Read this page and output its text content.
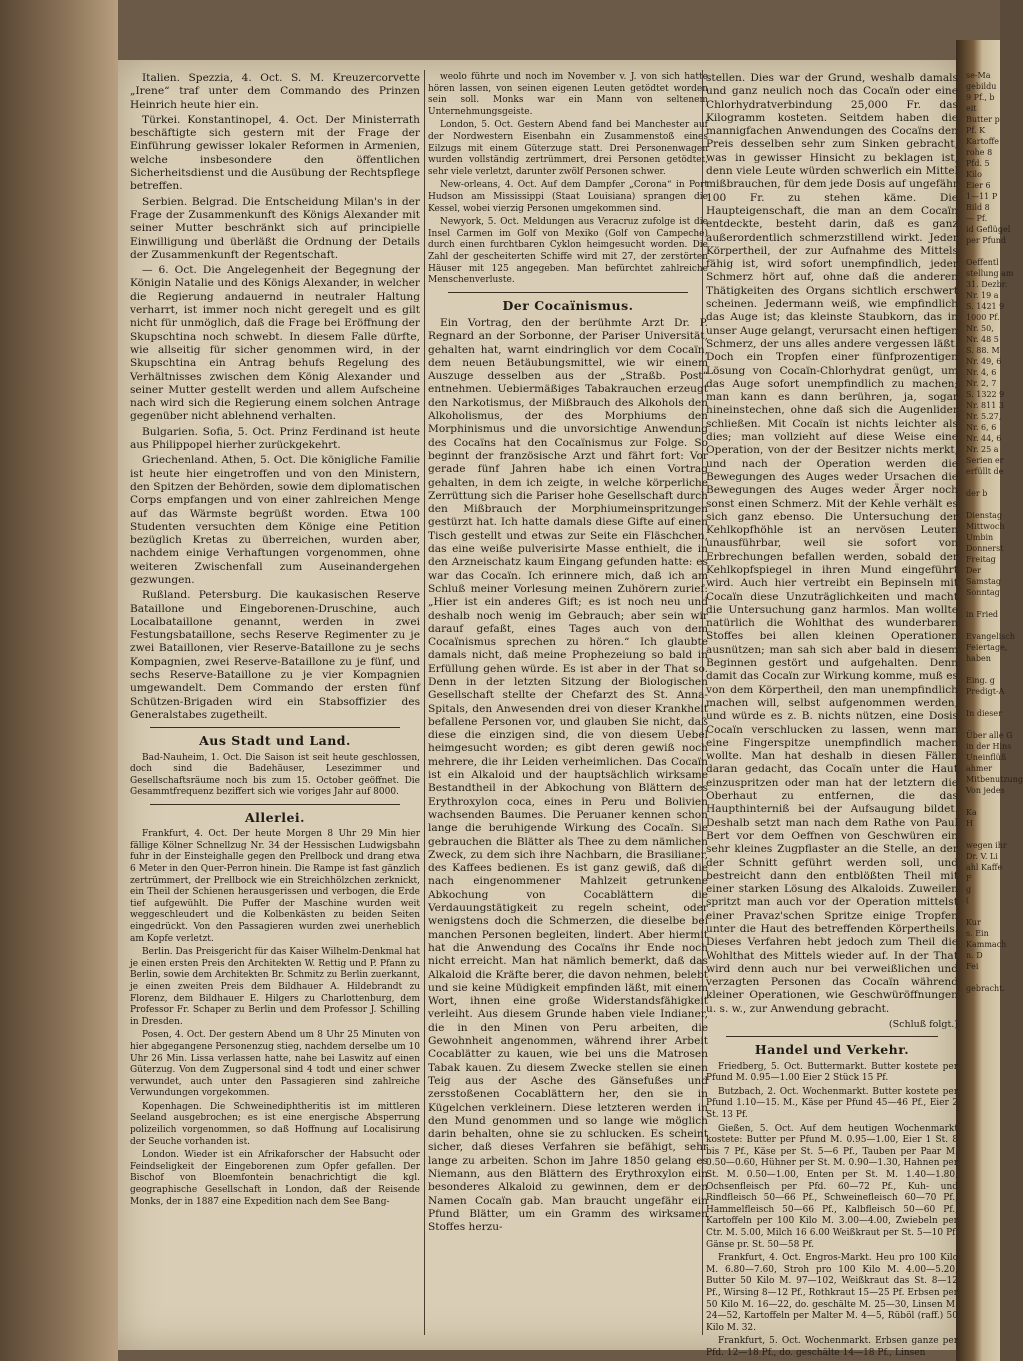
Italien. Spezzia, 4. Oct. S. M. Kreuzercorvette „Irene“ traf unter dem Commando des Prinzen Heinrich heute hier ein.

Türkei. Konstantinopel, 4. Oct. Der Ministerrath beschäftigte sich gestern mit der Frage der Einführung gewisser lokaler Reformen in Armenien, welche insbesondere den öffentlichen Sicherheitsdienst und die Ausübung der Rechtspflege betreffen.

Serbien. Belgrad. Die Entscheidung Milan's in der Frage der Zusammenkunft des Königs Alexander mit seiner Mutter beschränkt sich auf principielle Einwilligung und überläßt die Ordnung der Details der Zusammenkunft der Regentschaft.

— 6. Oct. Die Angelegenheit der Begegnung der Königin Natalie und des Königs Alexander, in welcher die Regierung andauernd in neutraler Haltung verharrt, ist immer noch nicht geregelt und es gilt nicht für unmöglich, daß die Frage bei Eröffnung der Skupschtina noch schwebt. In diesem Falle dürfte, wie allseitig für sicher genommen wird, in der Skupschtina ein Antrag behufs Regelung des Verhältnisses zwischen dem König Alexander und seiner Mutter gestellt werden und allem Aufscheine nach wird sich die Regierung einem solchen Antrage gegenüber nicht ablehnend verhalten.

Bulgarien. Sofia, 5. Oct. Prinz Ferdinand ist heute aus Philippopel hierher zurückgekehrt.

Griechenland. Athen, 5. Oct. Die königliche Familie ist heute hier eingetroffen und von den Ministern, den Spitzen der Behörden, sowie dem diplomatischen Corps empfangen und von einer zahlreichen Menge auf das Wärmste begrüßt worden. Etwa 100 Studenten versuchten dem Könige eine Petition bezüglich Kretas zu überreichen, wurden aber, nachdem einige Verhaftungen vorgenommen, ohne weiteren Zwischenfall zum Auseinandergehen gezwungen.

Rußland. Petersburg. Die kaukasischen Reserve Bataillone und Eingeborenen-Druschine, auch Localbataillone genannt, werden in zwei Festungsbataillone, sechs Reserve Regimenter zu je zwei Bataillonen, vier Reserve-Bataillone zu je sechs Kompagnien, zwei Reserve-Bataillone zu je fünf, und sechs Reserve-Bataillone zu je vier Kompagnien umgewandelt. Dem Commando der ersten fünf Schützen-Brigaden wird ein Stabsoffizier des Generalstabes zugetheilt.

Aus Stadt und Land.

Bad-Nauheim, 1. Oct. Die Saison ist seit heute geschlossen, doch sind die Badehäuser, Lesezimmer und Gesellschaftsräume noch bis zum 15. October geöffnet. Die Gesammtfrequenz beziffert sich wie voriges Jahr auf 8000.

Allerlei.

Frankfurt, 4. Oct. Der heute Morgen 8 Uhr 29 Min hier fällige Kölner Schnellzug Nr. 34 der Hessischen Ludwigsbahn fuhr in der Einsteighalle gegen den Prellbock und drang etwa 6 Meter in den Quer-Perron hinein. Die Rampe ist fast gänzlich zertrümmert, der Prellbock wie ein Streichhölzchen zerknickt, ein Theil der Schienen herausgerissen und verbogen, die Erde tief aufgewühlt. Die Puffer der Maschine wurden weit weggeschleudert und die Kolbenkästen zu beiden Seiten eingedrückt. Von den Passagieren wurden zwei unerheblich am Kopfe verletzt.

Berlin. Das Preisgericht für das Kaiser Wilhelm-Denkmal hat je einen ersten Preis den Architekten W. Rettig und P. Pfann zu Berlin, sowie dem Architekten Br. Schmitz zu Berlin zuerkannt, je einen zweiten Preis dem Bildhauer A. Hildebrandt zu Florenz, dem Bildhauer E. Hilgers zu Charlottenburg, dem Professor Fr. Schaper zu Berlin und dem Professor J. Schilling in Dresden.

Posen, 4. Oct. Der gestern Abend um 8 Uhr 25 Minuten von hier abgegangene Personenzug stieg, nachdem derselbe um 10 Uhr 26 Min. Lissa verlassen hatte, nahe bei Laswitz auf einen Güterzug. Von dem Zugpersonal sind 4 todt und einer schwer verwundet, auch unter den Passagieren sind zahlreiche Verwundungen vorgekommen.

Kopenhagen. Die Schweinediphtheritis ist im mittleren Seeland ausgebrochen; es ist eine energische Absperrung polizeilich vorgenommen, so daß Hoffnung auf Localisirung der Seuche vorhanden ist.

London. Wieder ist ein Afrikaforscher der Habsucht oder Feindseligkeit der Eingeborenen zum Opfer gefallen. Der Bischof von Bloemfontein benachrichtigt die kgl. geographische Gesellschaft in London, daß der Reisende Monks, der in 1887 eine Expedition nach dem See Bang-

weolo führte und noch im November v. J. von sich hatte hören lassen, von seinen eigenen Leuten getödtet worden sein soll. Monks war ein Mann von seltenem Unternehmungsgeiste.

London, 5. Oct. Gestern Abend fand bei Manchester auf der Nordwestern Eisenbahn ein Zusammenstoß eines Eilzugs mit einem Güterzuge statt. Drei Personenwagen wurden vollständig zertrümmert, drei Personen getödtet, sehr viele verletzt, darunter zwölf Personen schwer.

New-orleans, 4. Oct. Auf dem Dampfer „Corona“ in Port Hudson am Mississippi (Staat Louisiana) sprangen die Kessel, wobei vierzig Personen umgekommen sind.

Newyork, 5. Oct. Meldungen aus Veracruz zufolge ist die Insel Carmen im Golf von Mexiko (Golf von Campeche) durch einen furchtbaren Cyklon heimgesucht worden. Die Zahl der gescheiterten Schiffe wird mit 27, der zerstörten Häuser mit 125 angegeben. Man befürchtet zahlreiche Menschenverluste.

Der Cocaïnismus.

Ein Vortrag, den der berühmte Arzt Dr. P. Regnard an der Sorbonne, der Pariser Universität, gehalten hat, warnt eindringlich vor dem Cocaïn, dem neuen Betäubungsmittel, wie wir einem Auszuge desselben aus der „Straßb. Post“ entnehmen. Uebiermäßiges Tabakrauchen erzeugt den Narkotismus, der Mißbrauch des Alkohols den Alkoholismus, der des Morphiums den Morphinismus und die unvorsichtige Anwendung des Cocaïns hat den Cocaïnismus zur Folge. So beginnt der französische Arzt und fährt fort: Vor gerade fünf Jahren habe ich einen Vortrag gehalten, in dem ich zeigte, in welche körperliche Zerrüttung sich die Pariser hohe Gesellschaft durch den Mißbrauch der Morphiumeinspritzungen gestürzt hat. Ich hatte damals diese Gifte auf einen Tisch gestellt und etwas zur Seite ein Fläschchen, das eine weiße pulverisirte Masse enthielt, die in den Arzneischatz kaum Eingang gefunden hatte: es war das Cocaïn. Ich erinnere mich, daß ich am Schluß meiner Vorlesung meinen Zuhörern zurief: „Hier ist ein anderes Gift; es ist noch neu und deshalb noch wenig im Gebrauch; aber sein wir darauf gefaßt, eines Tages auch von dem Cocaïnismus sprechen zu hören.“ Ich glaubte damals nicht, daß meine Prophezeiung so bald in Erfüllung gehen würde. Es ist aber in der That so. Denn in der letzten Sitzung der Biologischen Gesellschaft stellte der Chefarzt des St. Anna-Spitals, den Anwesenden drei von dieser Krankheit befallene Personen vor, und glauben Sie nicht, daß diese die einzigen sind, die von diesem Uebel heimgesucht worden; es gibt deren gewiß noch mehrere, die ihr Leiden verheimlichen. Das Cocaïn ist ein Alkaloid und der hauptsächlich wirksame Bestandtheil in der Abkochung von Blättern des Erythroxylon coca, eines in Peru und Bolivien wachsenden Baumes. Die Peruaner kennen schon lange die beruhigende Wirkung des Cocaïn. Sie gebrauchen die Blätter als Thee zu dem nämlichen Zweck, zu dem sich ihre Nachbarn, die Brasilianer, des Kaffees bedienen. Es ist ganz gewiß, daß die nach eingenommener Mahlzeit getrunkene Abkochung von Cocablättern die Verdauungstätigkeit zu regeln scheint, oder wenigstens doch die Schmerzen, die dieselbe bei manchen Personen begleiten, lindert. Aber hiermit hat die Anwendung des Cocaïns ihr Ende noch nicht erreicht. Man hat nämlich bemerkt, daß das Alkaloid die Kräfte berer, die davon nehmen, belebt und sie keine Müdigkeit empfinden läßt, mit einem Wort, ihnen eine große Widerstandsfähigkeit verleiht. Aus diesem Grunde haben viele Indianer, die in den Minen von Peru arbeiten, die Gewohnheit angenommen, während ihrer Arbeit Cocablätter zu kauen, wie bei uns die Matrosen Tabak kauen. Zu diesem Zwecke stellen sie einen Teig aus der Asche des Gänsefußes und zersstoßenen Cocablättern her, den sie in Kügelchen verkleinern. Diese letzteren werden in den Mund genommen und so lange wie möglich darin behalten, ohne sie zu schlucken. Es scheint sicher, daß dieses Verfahren sie befähigt, sehr lange zu arbeiten. Schon im Jahre 1850 gelang es Niemann, aus den Blättern des Erythroxylon ein besonderes Alkaloid zu gewinnen, dem er den Namen Cocaïn gab. Man braucht ungefähr ein Pfund Blätter, um ein Gramm des wirksamen Stoffes herzu-

stellen. Dies war der Grund, weshalb damals und ganz neulich noch das Cocaïn oder eine Chlorhydratverbindung 25,000 Fr. das Kilogramm kosteten. Seitdem haben die mannigfachen Anwendungen des Cocaïns den Preis desselben sehr zum Sinken gebracht, was in gewisser Hinsicht zu beklagen ist, denn viele Leute würden schwerlich ein Mittel mißbrauchen, für dem jede Dosis auf ungefähr 100 Fr. zu stehen käme. Die Haupteigenschaft, die man an dem Cocaïn entdeckte, besteht darin, daß es ganz außerordentlich schmerzstillend wirkt. Jeder Körpertheil, der zur Aufnahme des Mittels fähig ist, wird sofort unempfindlich, jeder Schmerz hört auf, ohne daß die anderen Thätigkeiten des Organs sichtlich erschwert scheinen. Jedermann weiß, wie empfindlich das Auge ist; das kleinste Staubkorn, das in unser Auge gelangt, verursacht einen heftigen Schmerz, der uns alles andere vergessen läßt. Doch ein Tropfen einer fünfprozentigen Lösung von Cocaïn-Chlorhydrat genügt, um das Auge sofort unempfindlich zu machen; man kann es dann berühren, ja, sogar hineinstechen, ohne daß sich die Augenlider schließen. Mit Cocaïn ist nichts leichter als dies; man vollzieht auf diese Weise eine Operation, von der der Besitzer nichts merkt, und nach der Operation werden die Bewegungen des Auges weder Ursachen die Bewegungen des Auges weder Ärger noch sonst einen Schmerz. Mit der Kehle verhält es sich ganz ebenso. Die Untersuchung der Kehlkopfhöhle ist an nervösen Leuten unausführbar, weil sie sofort von Erbrechungen befallen werden, sobald der Kehlkopfspiegel in ihren Mund eingeführt wird. Auch hier vertreibt ein Bepinseln mit Cocaïn diese Unzuträglichkeiten und macht die Untersuchung ganz harmlos. Man wollte natürlich die Wohlthat des wunderbaren Stoffes bei allen kleinen Operationen ausnützen; man sah sich aber bald in diesem Beginnen gestört und aufgehalten. Denn damit das Cocaïn zur Wirkung komme, muß es von dem Körpertheil, den man unempfindlich machen will, selbst aufgenommen werden, und würde es z. B. nichts nützen, eine Dosis Cocaïn verschlucken zu lassen, wenn man eine Fingerspitze unempfindlich machen wollte. Man hat deshalb in diesen Fällen daran gedacht, das Cocaïn unter die Haut einzuspritzen oder man hat der letztern die Oberhaut zu entfernen, die das Haupthinterniß bei der Aufsaugung bildet. Deshalb setzt man nach dem Rathe von Paul Bert vor dem Oeffnen von Geschwüren ein sehr kleines Zugpflaster an die Stelle, an der der Schnitt geführt werden soll, und bestreicht dann den entblößten Theil mit einer starken Lösung des Alkaloids. Zuweilen spritzt man auch vor der Operation mittelst einer Pravaz'schen Spritze einige Tropfen unter die Haut des betreffenden Körpertheils. Dieses Verfahren hebt jedoch zum Theil die Wohlthat des Mittels wieder auf. In der That wird denn auch nur bei verweißlichen und verzagten Personen das Cocaïn während kleiner Operationen, wie Geschwüröffnungen u. s. w., zur Anwendung gebracht.

(Schluß folgt.)

Handel und Verkehr.

Friedberg, 5. Oct. Buttermarkt. Butter kostete per Pfund M. 0.95—1.00 Eier 2 Stück 15 Pf.

Butzbach, 2. Oct. Wochenmarkt. Butter kostete per Pfund 1.10—15. M., Käse per Pfund 45—46 Pf., Eier 2 St. 13 Pf.

Gießen, 5. Oct. Auf dem heutigen Wochenmarkt kostete: Butter per Pfund M. 0.95—1.00, Eier 1 St. 8 bis 7 Pf., Käse per St. 5—6 Pf., Tauben per Paar M. 0.50—0.60, Hühner per St. M. 0.90—1.30, Hahnen per St. M. 0.50—1.00, Enten per St. M. 1.40—1.80, Ochsenfleisch per Pfd. 60—72 Pf., Kuh- und Rindfleisch 50—66 Pf., Schweinefleisch 60—70 Pf., Hammelfleisch 50—66 Pf., Kalbfleisch 50—60 Pf., Kartoffeln per 100 Kilo M. 3.00—4.00, Zwiebeln per Ctr. M. 5.00, Milch 16 6.00 Weißkraut per St. 5—10 Pf. Gänse pr. St. 50—58 Pf.

Frankfurt, 4. Oct. Engros-Markt. Heu pro 100 Kilo M. 6.80—7.60, Stroh pro 100 Kilo M. 4.00—5.20, Butter 50 Kilo M. 97—102, Weißkraut das St. 8—12 Pf., Wirsing 8—12 Pf., Rothkraut 15—25 Pf. Erbsen per 50 Kilo M. 16—22, do. geschälte M. 25—30, Linsen M. 24—52, Kartoffeln per Malter M. 4—5, Rüböl (raff.) 50 Kilo M. 32.

Frankfurt, 5. Oct. Wochenmarkt. Erbsen ganze per Pfd. 12—18 Pf., do. geschälte 14—18 Pf., Linsen

se-Ma
gebildu
9 Pf., b
eit
Butter p
Pf. K
Kartoffe
rohe 8
Pfd. 5
Kilo
Eier 6
1—11 P
Bild 8
— Pf.
id Geflügel
per Pfund

Oeffentl
stellung am
31. Dezbr.
Nr. 19 a
S. 1421 9
1000 Pf.
Nr. 50,
Nr. 48 5
S. 88. M
Nr. 49, 6
Nr. 4, 6
Nr. 2, 7
S. 1322 9
Nr. 811 3
Nr. 5.27,
Nr. 6, 6
Nr. 44, 6
Nr. 25 a
Serien er
erfüllt de

der b

Dienstag
Mittwoch
Umbin
Donnerst
Freitag
Der
Samstag
Sonntag

in Fried

Evangelisch
Feiertage,
haben

Eing. g
Predigt-A

In dieser

Über alle G
in der Hins
Uneinflüß
ahmer
Mitbenutzung
Von jedes

Ka
H

wegen ihr
Dr. V. Li
ahl Kaffe
F
g
(

Kur
s. Ein
Kammach
n. D
Fei

gebracht.
